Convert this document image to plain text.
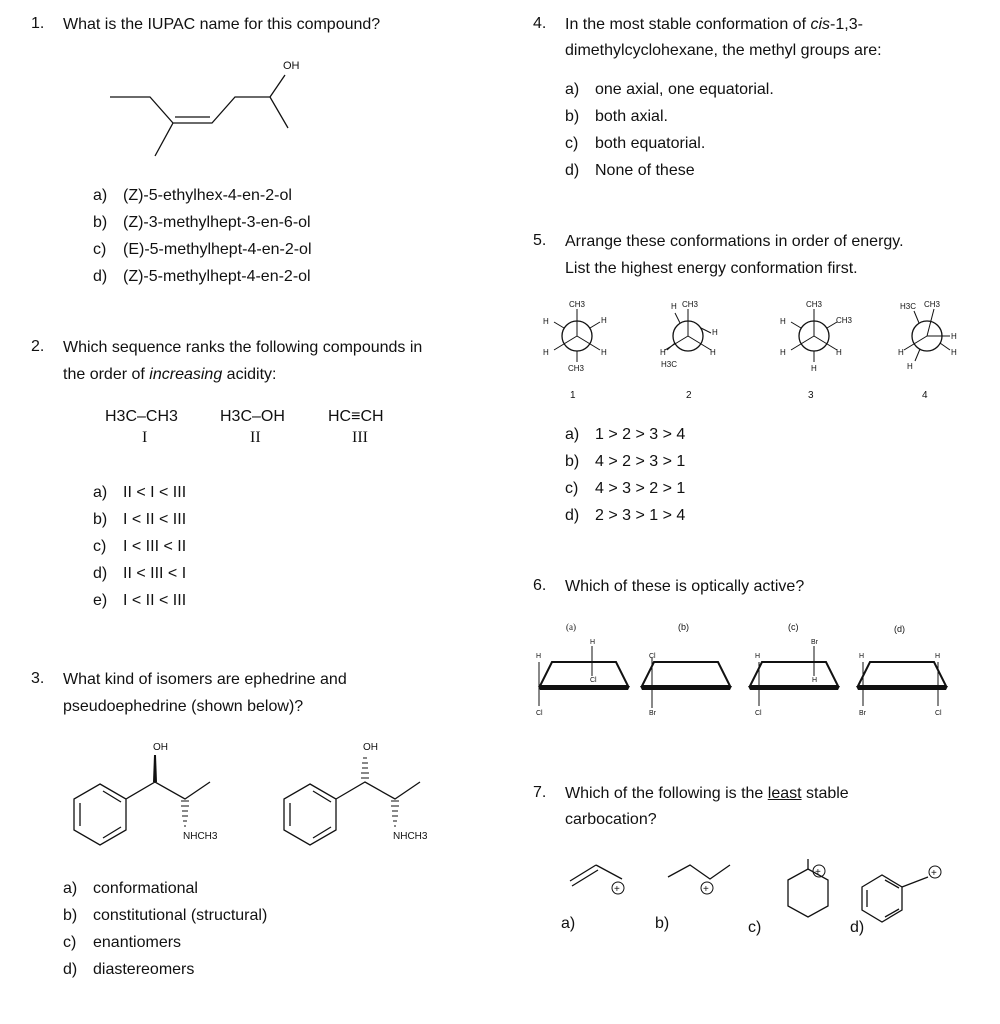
1. What is the IUPAC name for this compound?
OH
a) (Z)-5-ethylhex-4-en-2-ol
b) (Z)-3-methylhept-3-en-6-ol
c) (E)-5-methylhept-4-en-2-ol
d) (Z)-5-methylhept-4-en-2-ol
2. Which sequence ranks the following compounds in
the order of increasing acidity:
H3C–CH3
I
H3C–OH
II
HC≡CH
III
a) II < I < III
b) I < II < III
c) I < III < II
d) II < III < I
e) I < II < III
3. What kind of isomers are ephedrine and
pseudoephedrine (shown below)?
OH
NHCH3
OH
NHCH3
a) conformational
b) constitutional (structural)
c) enantiomers
d) diastereomers
4. In the most stable conformation of cis-1,3-
dimethylcyclohexane, the methyl groups are:
a) one axial, one equatorial.
b) both axial.
c) both equatorial.
d) None of these
5. Arrange these conformations in order of energy.
List the highest energy conformation first.
CH3
H	H
H	H
CH3
H CH3
H
H	H
H3C
CH3
H	CH3
H	H
H
H3C CH3
H
H	H
H
1	2	3	4
a) 1 > 2 > 3 > 4
b) 4 > 2 > 3 > 1
c) 4 > 3 > 2 > 1
d) 2 > 3 > 1 > 4
6. Which of these is optically active?
(a)	(b)	(c)	(d)
H
Cl
H
Cl
Cl
Br
H
Cl
Br
H
H
Br
H
Cl
7. Which of the following is the least stable
carbocation?
+	+
+	+
a)	b)	c)	d)
